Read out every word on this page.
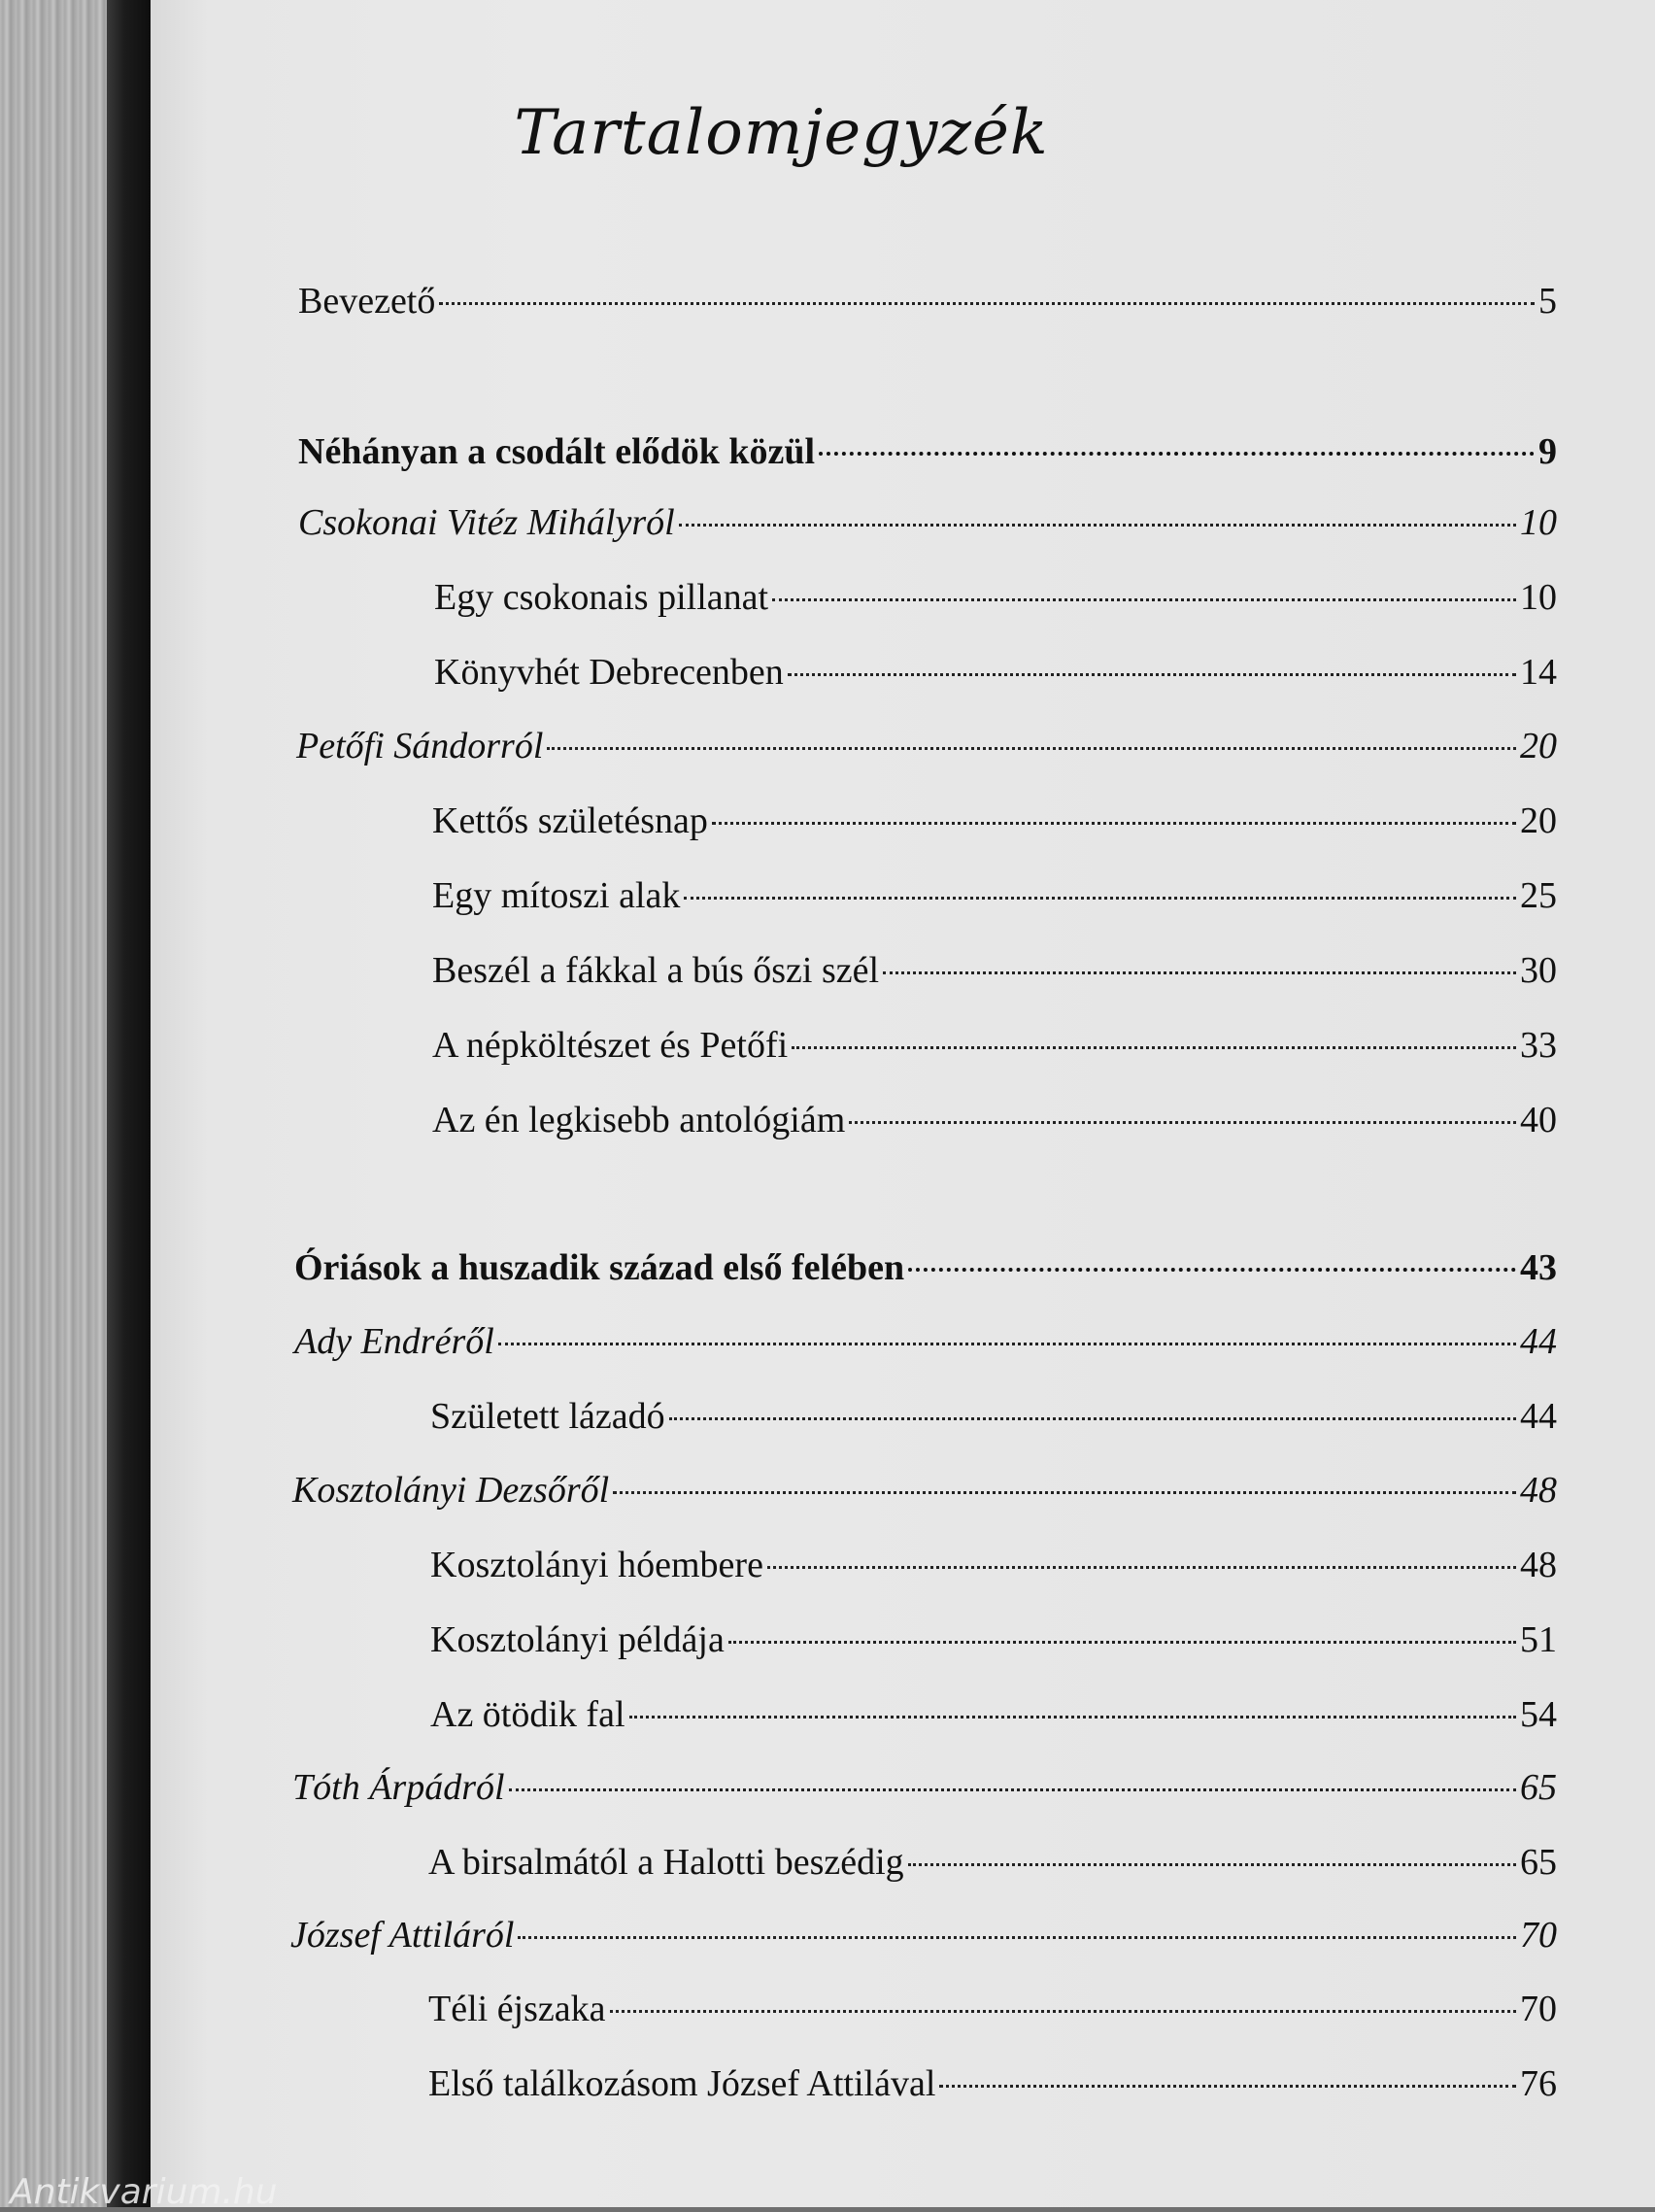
Tartalomjegyzék
Bevezető	5
Néhányan a csodált elődök közül	9
Csokonai Vitéz Mihályról	10
Egy csokonais pillanat	10
Könyvhét Debrecenben	14
Petőfi Sándorról	20
Kettős születésnap	20
Egy mítoszi alak	25
Beszél a fákkal a bús őszi szél	30
A népköltészet és Petőfi	33
Az én legkisebb antológiám	40
Óriások a huszadik század első felében	43
Ady Endréről	44
Született lázadó	44
Kosztolányi Dezsőről	48
Kosztolányi hóembere	48
Kosztolányi példája	51
Az ötödik fal	54
Tóth Árpádról	65
A birsalmától a Halotti beszédig	65
József Attiláról	70
Téli éjszaka	70
Első találkozásom József Attilával	76
Antikvarium.hu
